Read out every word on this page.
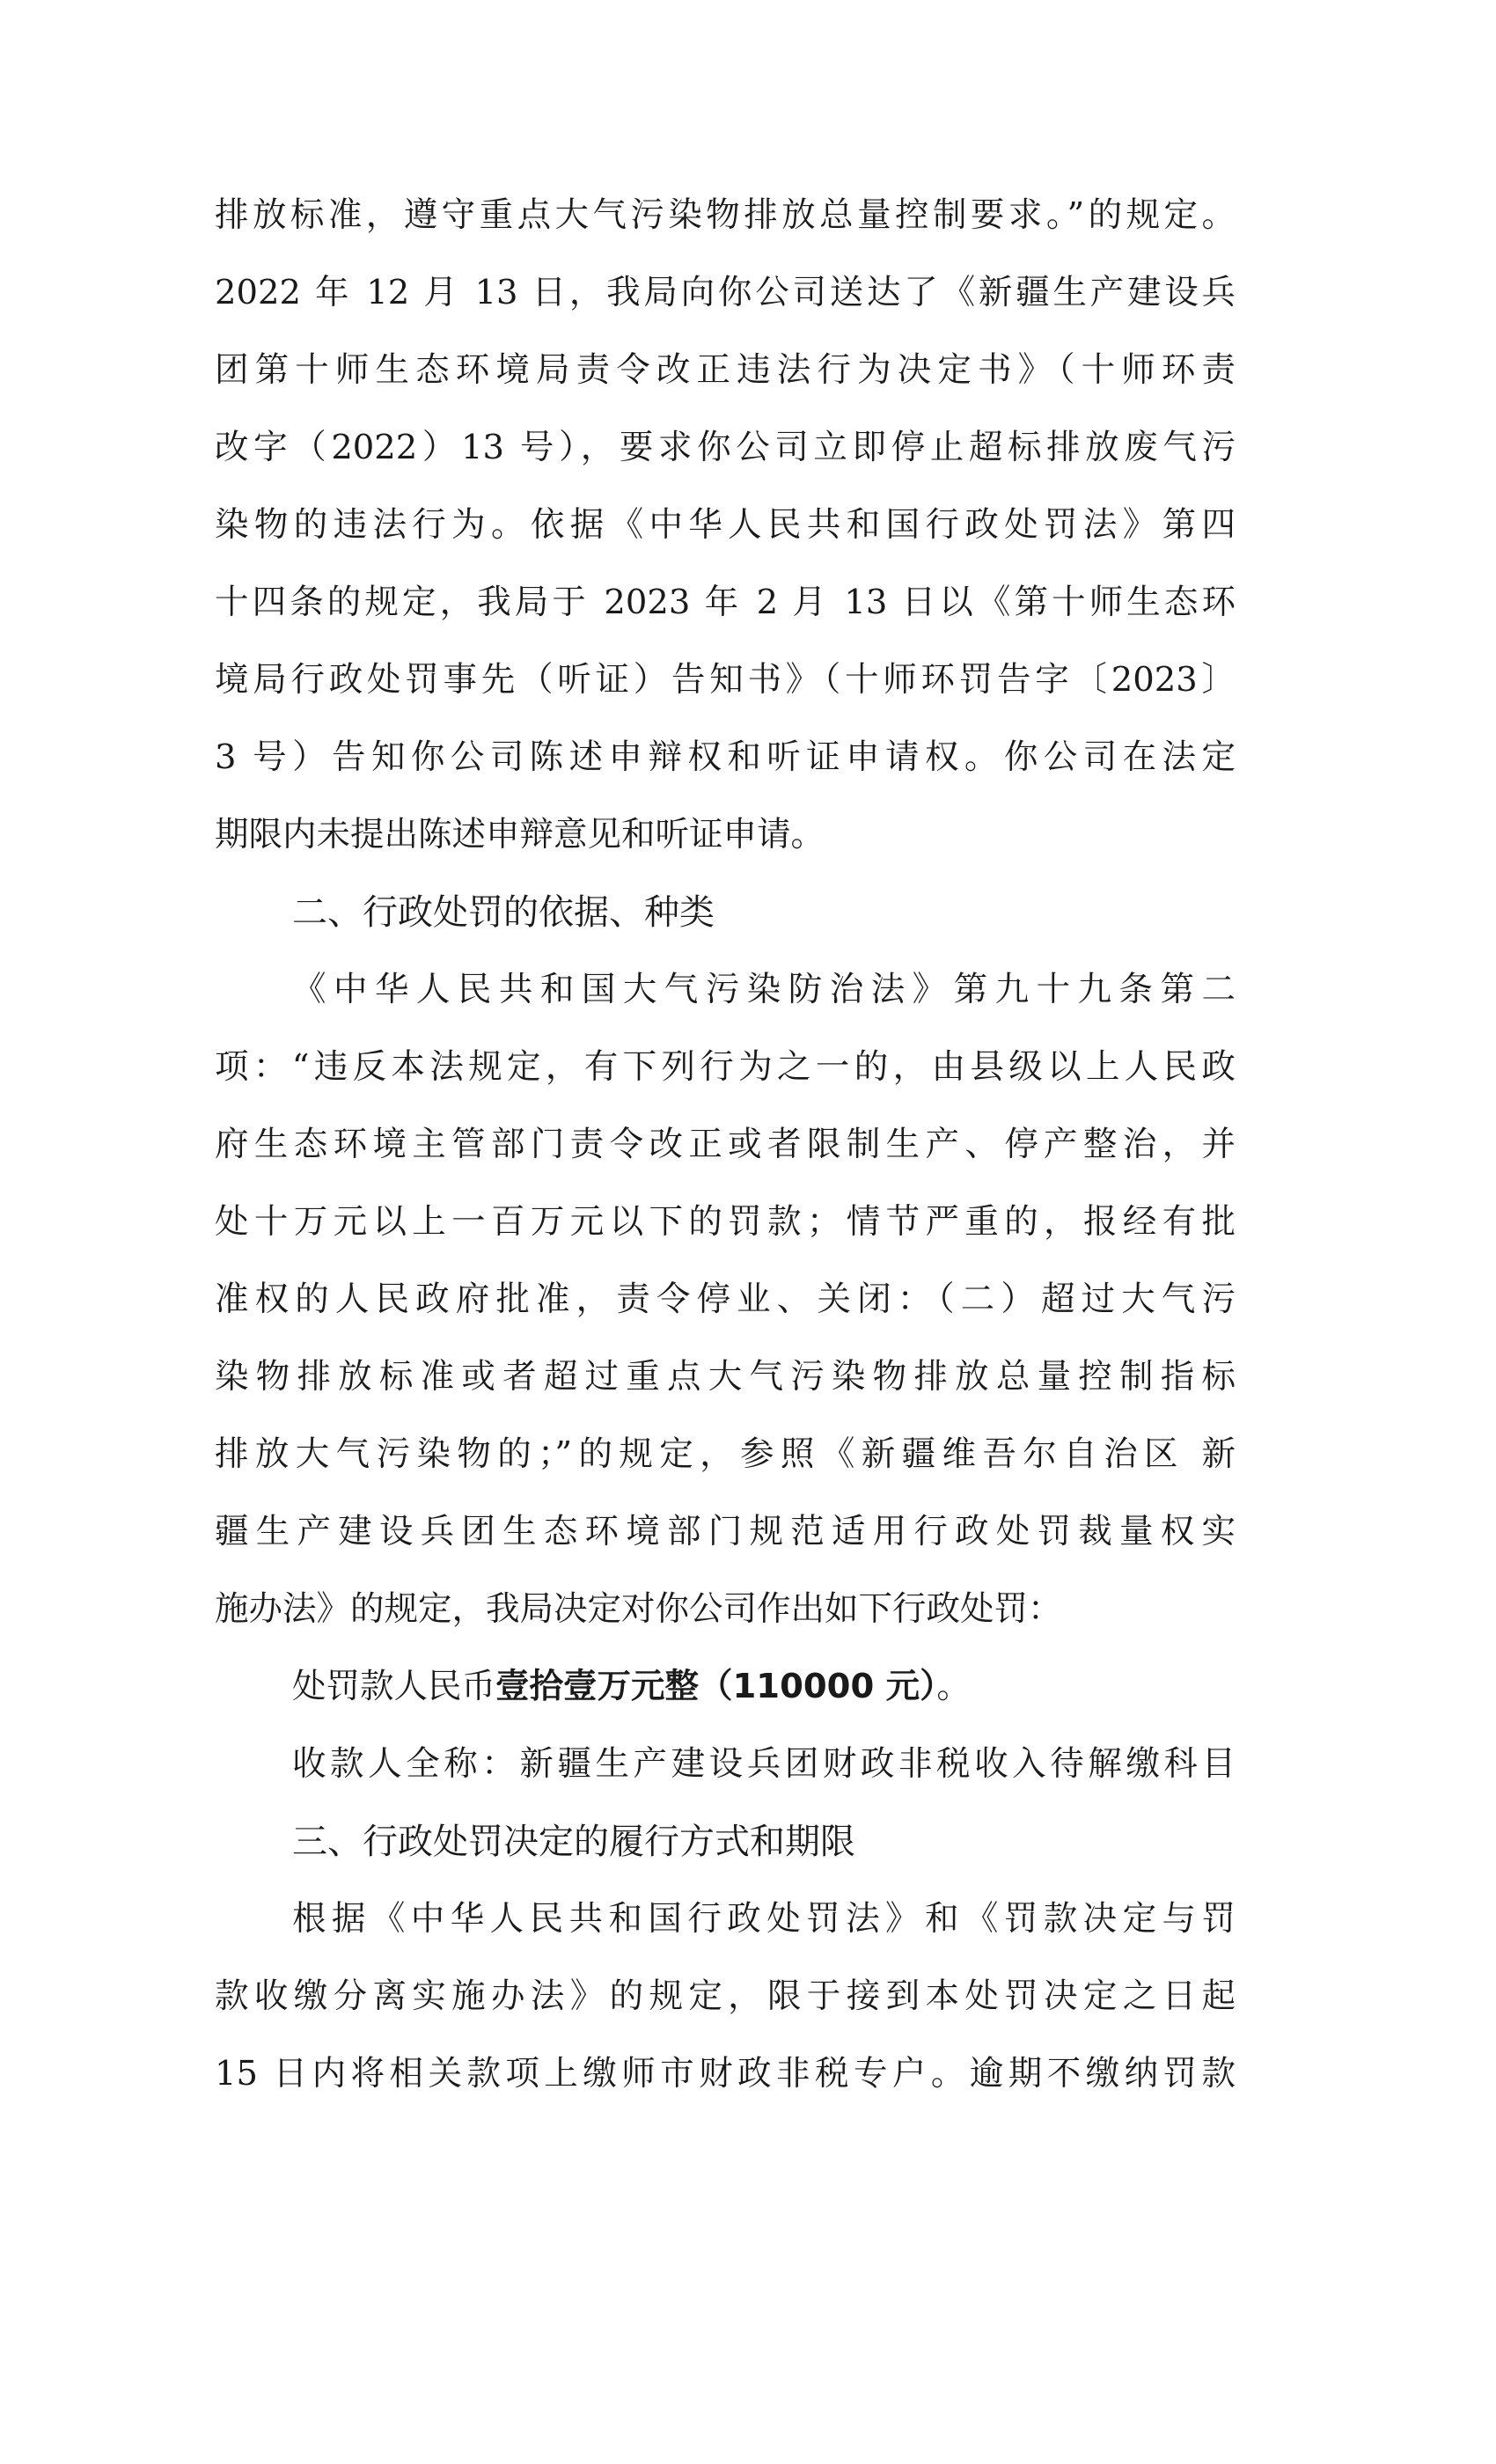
排放标准，遵守重点大气污染物排放总量控制要求。”的规定。
2022 年 12 月 13 日，我局向你公司送达了《新疆生产建设兵
团第十师生态环境局责令改正违法行为决定书》（十师环责
改字（2022）13 号），要求你公司立即停止超标排放废气污
染物的违法行为。依据《中华人民共和国行政处罚法》第四
十四条的规定，我局于 2023 年 2 月 13 日以《第十师生态环
境局行政处罚事先（听证）告知书》（十师环罚告字〔2023〕
3 号）告知你公司陈述申辩权和听证申请权。你公司在法定
期限内未提出陈述申辩意见和听证申请。
二、行政处罚的依据、种类
《中华人民共和国大气污染防治法》第九十九条第二
项：“违反本法规定，有下列行为之一的，由县级以上人民政
府生态环境主管部门责令改正或者限制生产、停产整治，并
处十万元以上一百万元以下的罚款；情节严重的，报经有批
准权的人民政府批准，责令停业、关闭：（二）超过大气污
染物排放标准或者超过重点大气污染物排放总量控制指标
排放大气污染物的；”的规定，参照《新疆维吾尔自治区 新
疆生产建设兵团生态环境部门规范适用行政处罚裁量权实
施办法》的规定，我局决定对你公司作出如下行政处罚：
处罚款人民币壹拾壹万元整（110000 元）。
收款人全称：新疆生产建设兵团财政非税收入待解缴科目
三、行政处罚决定的履行方式和期限
根据《中华人民共和国行政处罚法》和《罚款决定与罚
款收缴分离实施办法》的规定，限于接到本处罚决定之日起
15 日内将相关款项上缴师市财政非税专户。逾期不缴纳罚款
